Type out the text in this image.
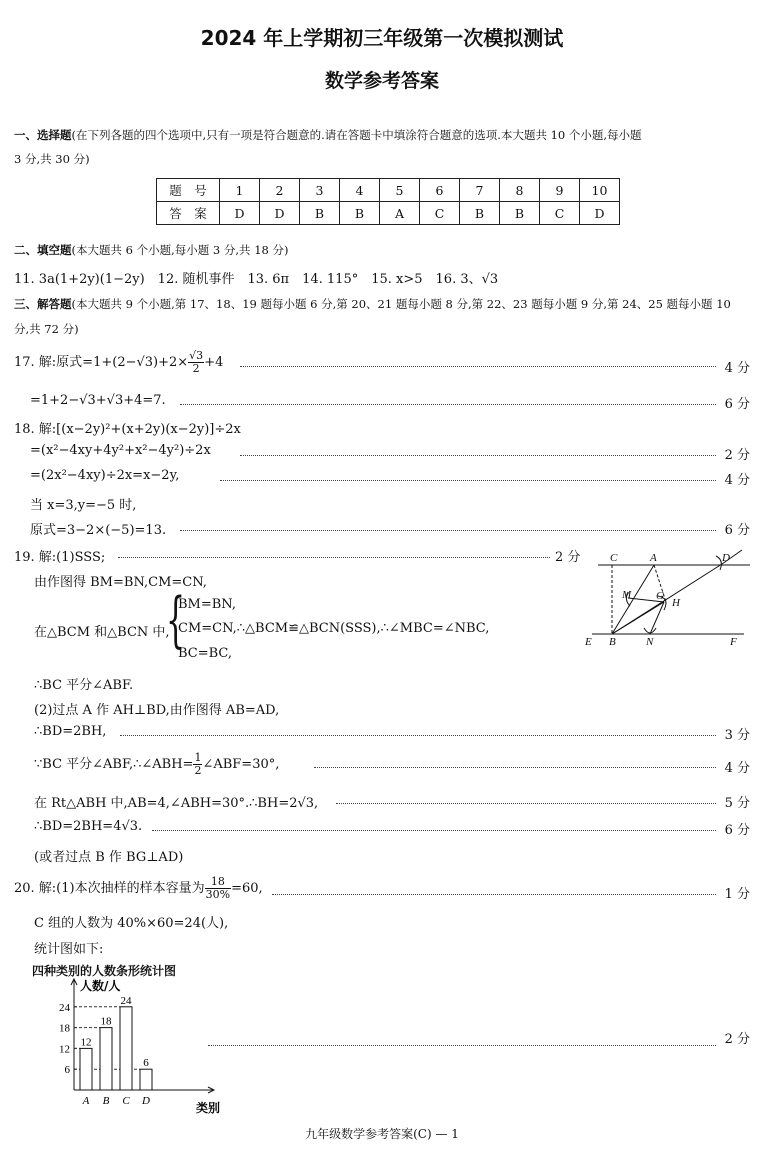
2024 年上学期初三年级第一次模拟测试
数学参考答案
一、选择题(在下列各题的四个选项中,只有一项是符合题意的.请在答题卡中填涂符合题意的选项.本大题共 10 个小题,每小题
3 分,共 30 分)
题　号	1	2	3	4	5	6	7	8	9	10
答　案	D	D	B	B	A	C	B	B	C	D
二、填空题(本大题共 6 个小题,每小题 3 分,共 18 分)
11. 3a(1+2y)(1−2y)　12. 随机事件　13. 6π　14. 115°　15. x>5　16. 3、√3
三、解答题(本大题共 9 个小题,第 17、18、19 题每小题 6 分,第 20、21 题每小题 8 分,第 22、23 题每小题 9 分,第 24、25 题每小题 10
分,共 72 分)
17. 解:原式$=1+(2-√3)+2\times \frac{√3}{2} +4$	4 分
=1+2−√3+√3+4=7.	6 分
18. 解:[(x−2y)²+(x+2y)(x−2y)]÷2x
=(x²−4xy+4y²+x²−4y²)÷2x	2 分
=(2x²−4xy)÷2x=x−2y,	4 分
当 x=3,y=−5 时,
原式=3−2×(−5)=13.	6 分
19. 解:(1)SSS;	2 分
由作图得 BM=BN,CM=CN,
在△BCM 和△BCN 中,
{
BM=BN,
CM=CN,∴△BCM≌△BCN(SSS),∴∠MBC=∠NBC,
BC=BC,
∴BC 平分∠ABF.
(2)过点 A 作 AH⊥BD,由作图得 AB=AD,
∴BD=2BH,	3 分
∵BC 平分∠ABF,∴∠ABH= $\frac{1}{2}$ ∠ABF=30°,	4 分
在 Rt△ABH 中,AB=4,∠ABH=30°.∴BH=2√3,	5 分
∴BD=2BH=4√3.	6 分
(或者过点 B 作 BG⊥AD)
C	A	D
M G
H
E B	N	F
20. 解:(1)本次抽样的样本容量为 $\frac{18}{30\%} =60$,	1 分
C 组的人数为 40%×60=24(人),
统计图如下:
四种类别的人数条形统计图
人数/人
类别
6
12
18
24
12
A
18
B
24
C
6
D
2 分
九年级数学参考答案(C) — 1
